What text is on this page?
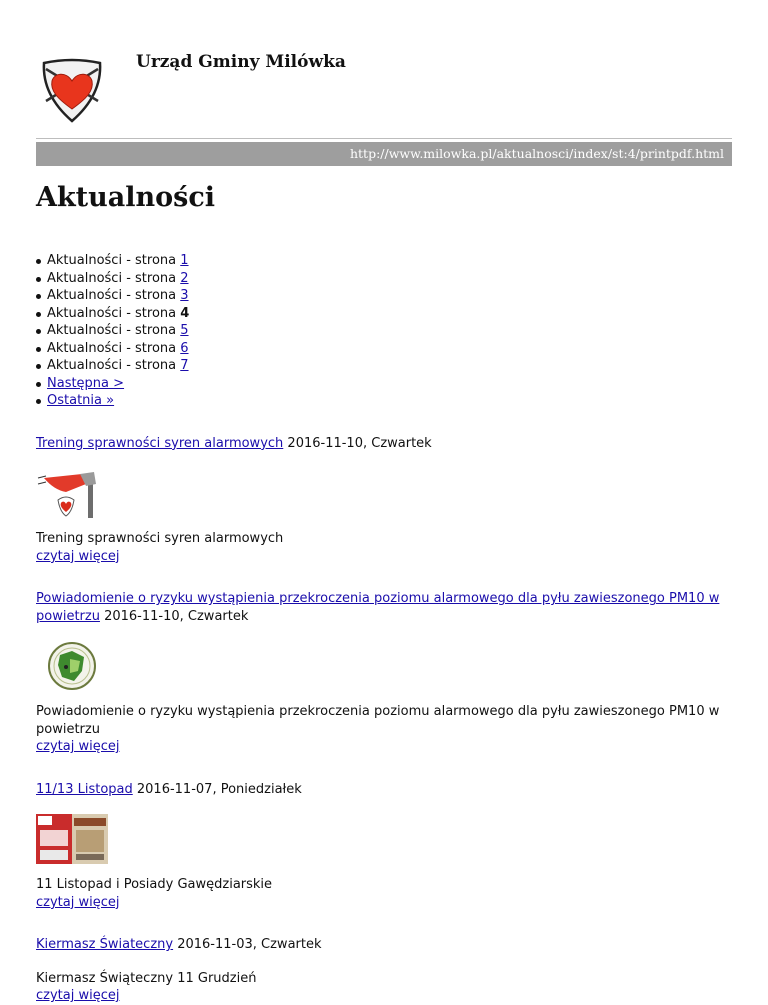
Urząd Gminy Milówka
http://www.milowka.pl/aktualnosci/index/st:4/printpdf.html
Aktualności
Aktualności - strona 1
Aktualności - strona 2
Aktualności - strona 3
Aktualności - strona 4
Aktualności - strona 5
Aktualności - strona 6
Aktualności - strona 7
Następna >
Ostatnia »

Trening sprawności syren alarmowych 2016-11-10, Czwartek

Trening sprawności syren alarmowych

czytaj więcej

Powiadomienie o ryzyku wystąpienia przekroczenia poziomu alarmowego dla pyłu zawieszonego PM10 w powietrzu 2016-11-10, Czwartek

Powiadomienie o ryzyku wystąpienia przekroczenia poziomu alarmowego dla pyłu zawieszonego PM10 w powietrzu

czytaj więcej

11/13 Listopad 2016-11-07, Poniedziałek

11 Listopad i Posiady Gawędziarskie

czytaj więcej

Kiermasz Świateczny 2016-11-03, Czwartek

Kiermasz Świąteczny 11 Grudzień

czytaj więcej
